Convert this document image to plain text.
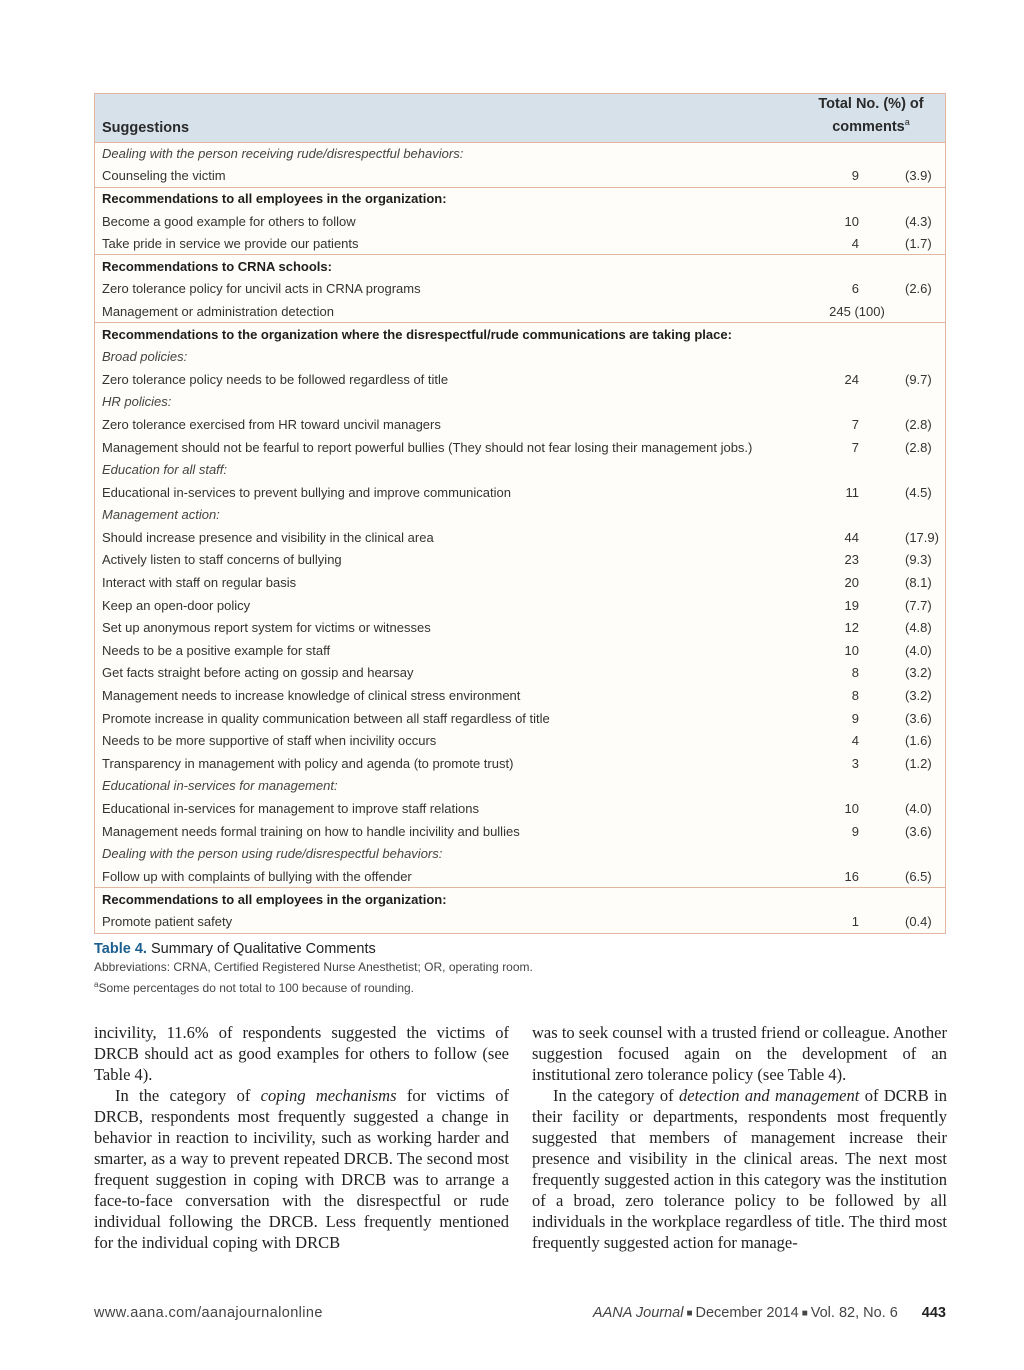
Suggestions	Total No. (%) of
comments$^a$
Dealing with the person receiving rude/disrespectful behaviors:		
Counseling the victim	9	(3.9)
Recommendations to all employees in the organization:		
Become a good example for others to follow	10	(4.3)
Take pride in service we provide our patients	4	(1.7)
Recommendations to CRNA schools:		
Zero tolerance policy for uncivil acts in CRNA programs	6	(2.6)
Management or administration detection	245 (100)	
Recommendations to the organization where the disrespectful/rude communications are taking place:		
Broad policies:		
Zero tolerance policy needs to be followed regardless of title	24	(9.7)
HR policies:		
Zero tolerance exercised from HR toward uncivil managers	7	(2.8)
Management should not be fearful to report powerful bullies (They should not fear losing their management jobs.)	7	(2.8)
Education for all staff:		
Educational in-services to prevent bullying and improve communication	11	(4.5)
Management action:		
Should increase presence and visibility in the clinical area	44	(17.9)
Actively listen to staff concerns of bullying	23	(9.3)
Interact with staff on regular basis	20	(8.1)
Keep an open-door policy	19	(7.7)
Set up anonymous report system for victims or witnesses	12	(4.8)
Needs to be a positive example for staff	10	(4.0)
Get facts straight before acting on gossip and hearsay	8	(3.2)
Management needs to increase knowledge of clinical stress environment	8	(3.2)
Promote increase in quality communication between all staff regardless of title	9	(3.6)
Needs to be more supportive of staff when incivility occurs	4	(1.6)
Transparency in management with policy and agenda (to promote trust)	3	(1.2)
Educational in-services for management:		
Educational in-services for management to improve staff relations	10	(4.0)
Management needs formal training on how to handle incivility and bullies	9	(3.6)
Dealing with the person using rude/disrespectful behaviors:		
Follow up with complaints of bullying with the offender	16	(6.5)
Recommendations to all employees in the organization:		
Promote patient safety	1	(0.4)

Table 4. Summary of Qualitative Comments

Abbreviations: CRNA, Certified Registered Nurse Anesthetist; OR, operating room.

$^a$Some percentages do not total to 100 because of rounding.

incivility, 11.6% of respondents suggested the victims of DRCB should act as good examples for others to follow (see Table 4).

In the category of coping mechanisms for victims of DRCB, respondents most frequently suggested a change in behavior in reaction to incivility, such as working harder and smarter, as a way to prevent repeated DRCB. The second most frequent suggestion in coping with DRCB was to arrange a face-to-face conversation with the disrespectful or rude individual following the DRCB. Less frequently mentioned for the individual coping with DRCB

was to seek counsel with a trusted friend or colleague. Another suggestion focused again on the development of an institutional zero tolerance policy (see Table 4).

In the category of detection and management of DCRB in their facility or departments, respondents most frequently suggested that members of management increase their presence and visibility in the clinical areas. The next most frequently suggested action in this category was the institution of a broad, zero tolerance policy to be followed by all individuals in the workplace regardless of title. The third most frequently suggested action for manage-

www.aana.com/aanajournalonline	AANA Journal ■ December 2014 ■ Vol. 82, No. 6 443
